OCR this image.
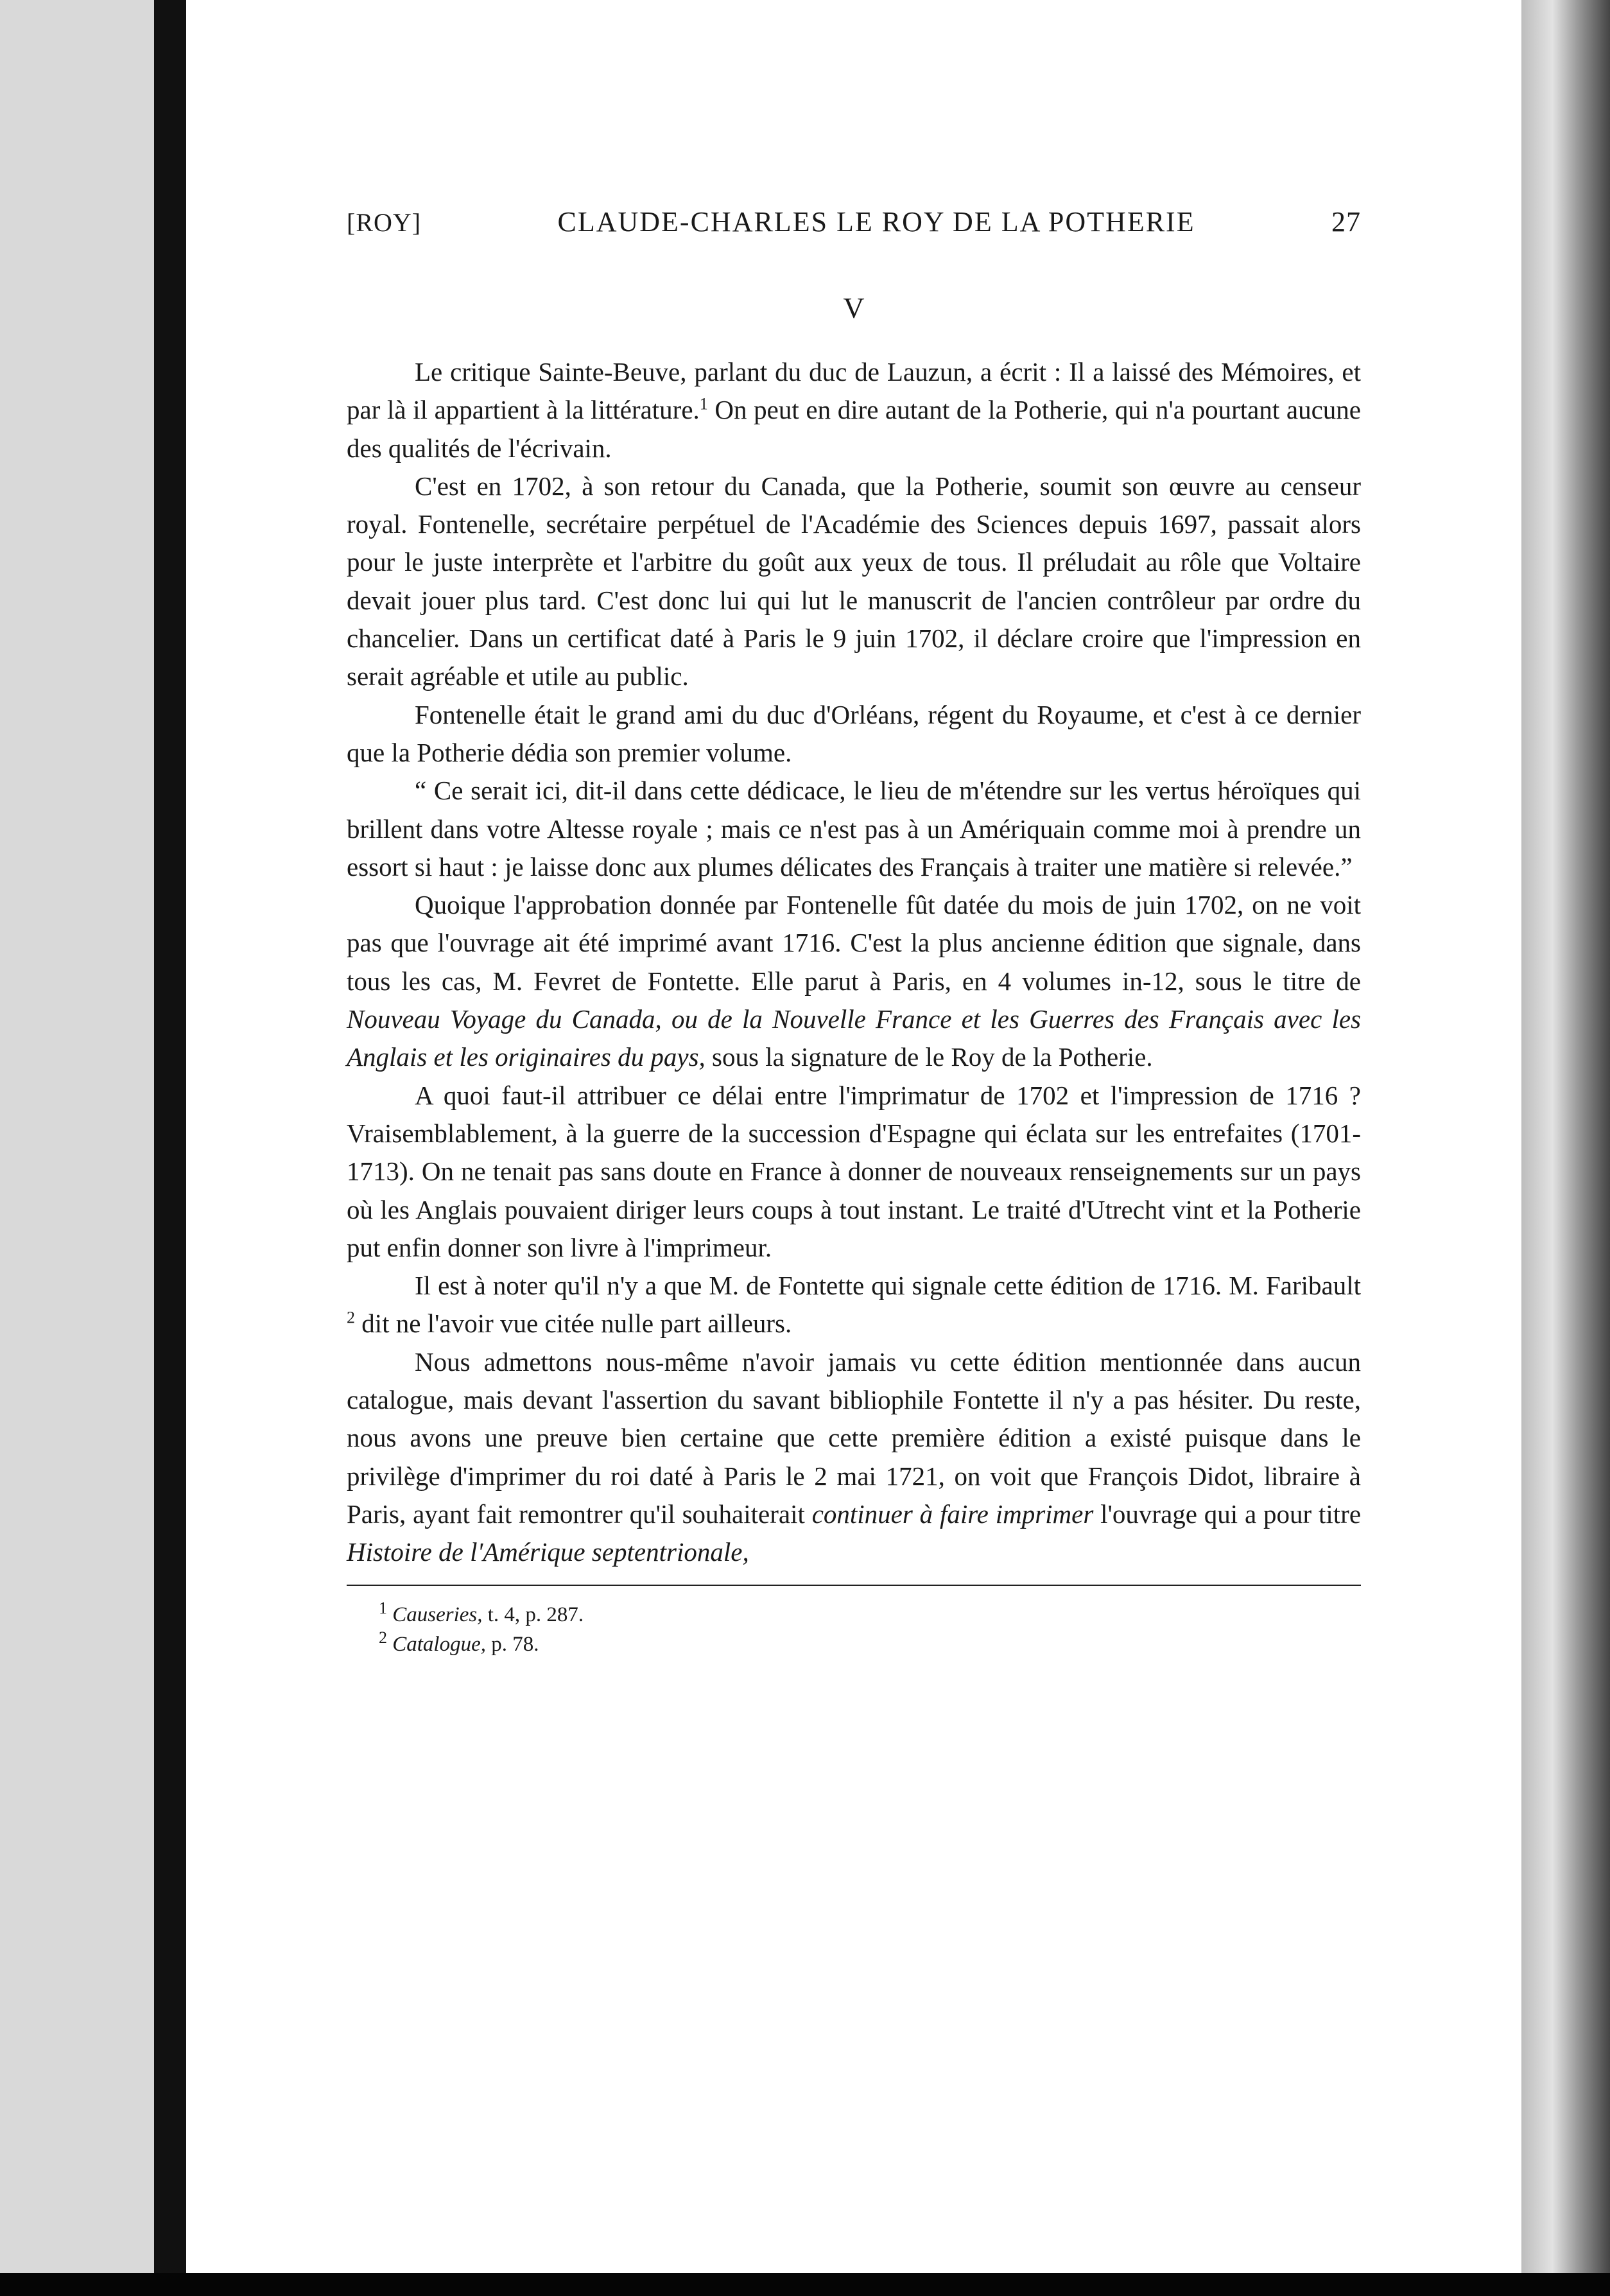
[ROY]	CLAUDE-CHARLES LE ROY DE LA POTHERIE	27
V

Le critique Sainte-Beuve, parlant du duc de Lauzun, a écrit : Il a laissé des Mémoires, et par là il appartient à la littérature.$^1$ On peut en dire autant de la Potherie, qui n'a pourtant aucune des qualités de l'écrivain.

C'est en 1702, à son retour du Canada, que la Potherie, soumit son œuvre au censeur royal. Fontenelle, secrétaire perpétuel de l'Académie des Sciences depuis 1697, passait alors pour le juste interprète et l'arbitre du goût aux yeux de tous. Il préludait au rôle que Voltaire devait jouer plus tard. C'est donc lui qui lut le manuscrit de l'ancien contrôleur par ordre du chancelier. Dans un certificat daté à Paris le 9 juin 1702, il déclare croire que l'impression en serait agréable et utile au public.

Fontenelle était le grand ami du duc d'Orléans, régent du Royaume, et c'est à ce dernier que la Potherie dédia son premier volume.

“ Ce serait ici, dit-il dans cette dédicace, le lieu de m'étendre sur les vertus héroïques qui brillent dans votre Altesse royale ; mais ce n'est pas à un Amériquain comme moi à prendre un essort si haut : je laisse donc aux plumes délicates des Français à traiter une matière si relevée.”

Quoique l'approbation donnée par Fontenelle fût datée du mois de juin 1702, on ne voit pas que l'ouvrage ait été imprimé avant 1716. C'est la plus ancienne édition que signale, dans tous les cas, M. Fevret de Fontette. Elle parut à Paris, en 4 volumes in-12, sous le titre de Nouveau Voyage du Canada, ou de la Nouvelle France et les Guerres des Français avec les Anglais et les originaires du pays, sous la signature de le Roy de la Potherie.

A quoi faut-il attribuer ce délai entre l'imprimatur de 1702 et l'impression de 1716 ? Vraisemblablement, à la guerre de la succession d'Espagne qui éclata sur les entrefaites (1701-1713). On ne tenait pas sans doute en France à donner de nouveaux renseignements sur un pays où les Anglais pouvaient diriger leurs coups à tout instant. Le traité d'Utrecht vint et la Potherie put enfin donner son livre à l'imprimeur.

Il est à noter qu'il n'y a que M. de Fontette qui signale cette édition de 1716. M. Faribault $^2$ dit ne l'avoir vue citée nulle part ailleurs.

Nous admettons nous-même n'avoir jamais vu cette édition mentionnée dans aucun catalogue, mais devant l'assertion du savant bibliophile Fontette il n'y a pas hésiter. Du reste, nous avons une preuve bien certaine que cette première édition a existé puisque dans le privilège d'imprimer du roi daté à Paris le 2 mai 1721, on voit que François Didot, libraire à Paris, ayant fait remontrer qu'il souhaiterait continuer à faire imprimer l'ouvrage qui a pour titre Histoire de l'Amérique septentrionale,

$^1$ Causeries, t. 4, p. 287.

$^2$ Catalogue, p. 78.
